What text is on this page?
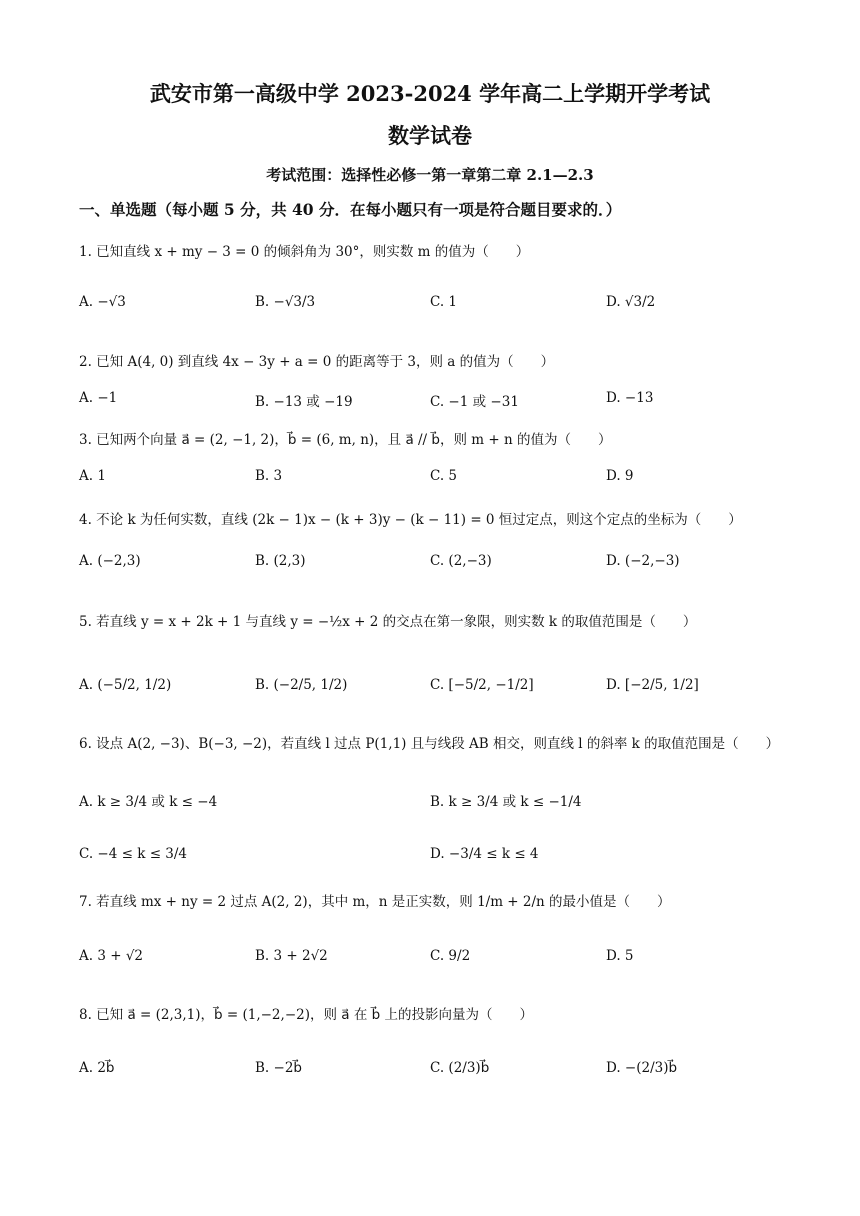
武安市第一高级中学 2023-2024 学年高二上学期开学考试
数学试卷
考试范围：选择性必修一第一章第二章 2.1—2.3
一、单选题（每小题 5 分，共 40 分．在每小题只有一项是符合题目要求的．）
1. 已知直线 x + my − 3 = 0 的倾斜角为 30°，则实数 m 的值为（　　）
A. −√3	B. −√3/3	C. 1	D. √3/2
2. 已知 A(4, 0) 到直线 4x − 3y + a = 0 的距离等于 3，则 a 的值为（　　）
A. −1	B. −13 或 −19	C. −1 或 −31	D. −13
3. 已知两个向量 a⃗ = (2, −1, 2)，b⃗ = (6, m, n)，且 a⃗ // b⃗，则 m + n 的值为（　　）
A. 1	B. 3	C. 5	D. 9
4. 不论 k 为任何实数，直线 (2k − 1)x − (k + 3)y − (k − 11) = 0 恒过定点，则这个定点的坐标为（　　）
A. (−2,3)	B. (2,3)	C. (2,−3)	D. (−2,−3)
5. 若直线 y = x + 2k + 1 与直线 y = −½x + 2 的交点在第一象限，则实数 k 的取值范围是（　　）
A. (−5/2, 1/2)	B. (−2/5, 1/2)	C. [−5/2, −1/2]	D. [−2/5, 1/2]
6. 设点 A(2, −3)、B(−3, −2)，若直线 l 过点 P(1,1) 且与线段 AB 相交，则直线 l 的斜率 k 的取值范围是（　　）
A. k ≥ 3/4 或 k ≤ −4	B. k ≥ 3/4 或 k ≤ −1/4
C. −4 ≤ k ≤ 3/4	D. −3/4 ≤ k ≤ 4
7. 若直线 mx + ny = 2 过点 A(2, 2)，其中 m，n 是正实数，则 1/m + 2/n 的最小值是（　　）
A. 3 + √2	B. 3 + 2√2	C. 9/2	D. 5
8. 已知 a⃗ = (2,3,1)，b⃗ = (1,−2,−2)，则 a⃗ 在 b⃗ 上的投影向量为（　　）
A. 2b⃗	B. −2b⃗	C. (2/3)b⃗	D. −(2/3)b⃗
